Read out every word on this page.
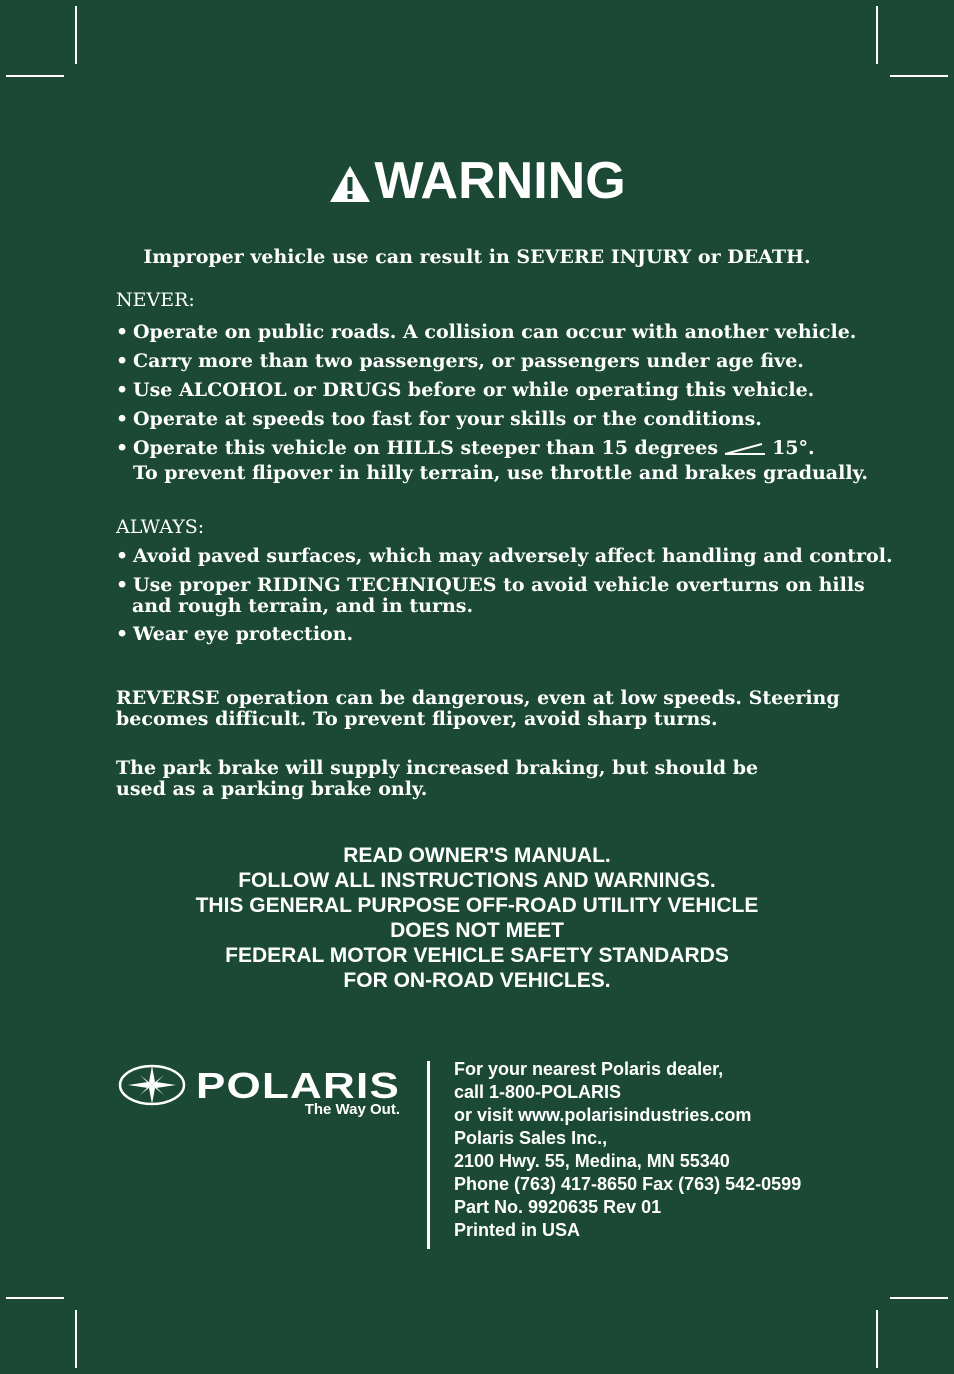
WARNING
Improper vehicle use can result in SEVERE INJURY or DEATH.
NEVER:
• Operate on public roads. A collision can occur with another vehicle.
• Carry more than two passengers, or passengers under age five.
• Use ALCOHOL or DRUGS before or while operating this vehicle.
• Operate at speeds too fast for your skills or the conditions.
• Operate this vehicle on HILLS steeper than 15 degrees	15°.
To prevent flipover in hilly terrain, use throttle and brakes gradually.
ALWAYS:
• Avoid paved surfaces, which may adversely affect handling and control.
• Use proper RIDING TECHNIQUES to avoid vehicle overturns on hills
and rough terrain, and in turns.
• Wear eye protection.
REVERSE operation can be dangerous, even at low speeds. Steering
becomes difficult. To prevent flipover, avoid sharp turns.
The park brake will supply increased braking, but should be
used as a parking brake only.
READ OWNER'S MANUAL.
FOLLOW ALL INSTRUCTIONS AND WARNINGS.
THIS GENERAL PURPOSE OFF-ROAD UTILITY VEHICLE
DOES NOT MEET
FEDERAL MOTOR VEHICLE SAFETY STANDARDS
FOR ON-ROAD VEHICLES.
POLARIS
The Way Out.
For your nearest Polaris dealer,
call 1-800-POLARIS
or visit www.polarisindustries.com
Polaris Sales Inc.,
2100 Hwy. 55, Medina, MN 55340
Phone (763) 417-8650 Fax (763) 542-0599
Part No. 9920635 Rev 01
Printed in USA
